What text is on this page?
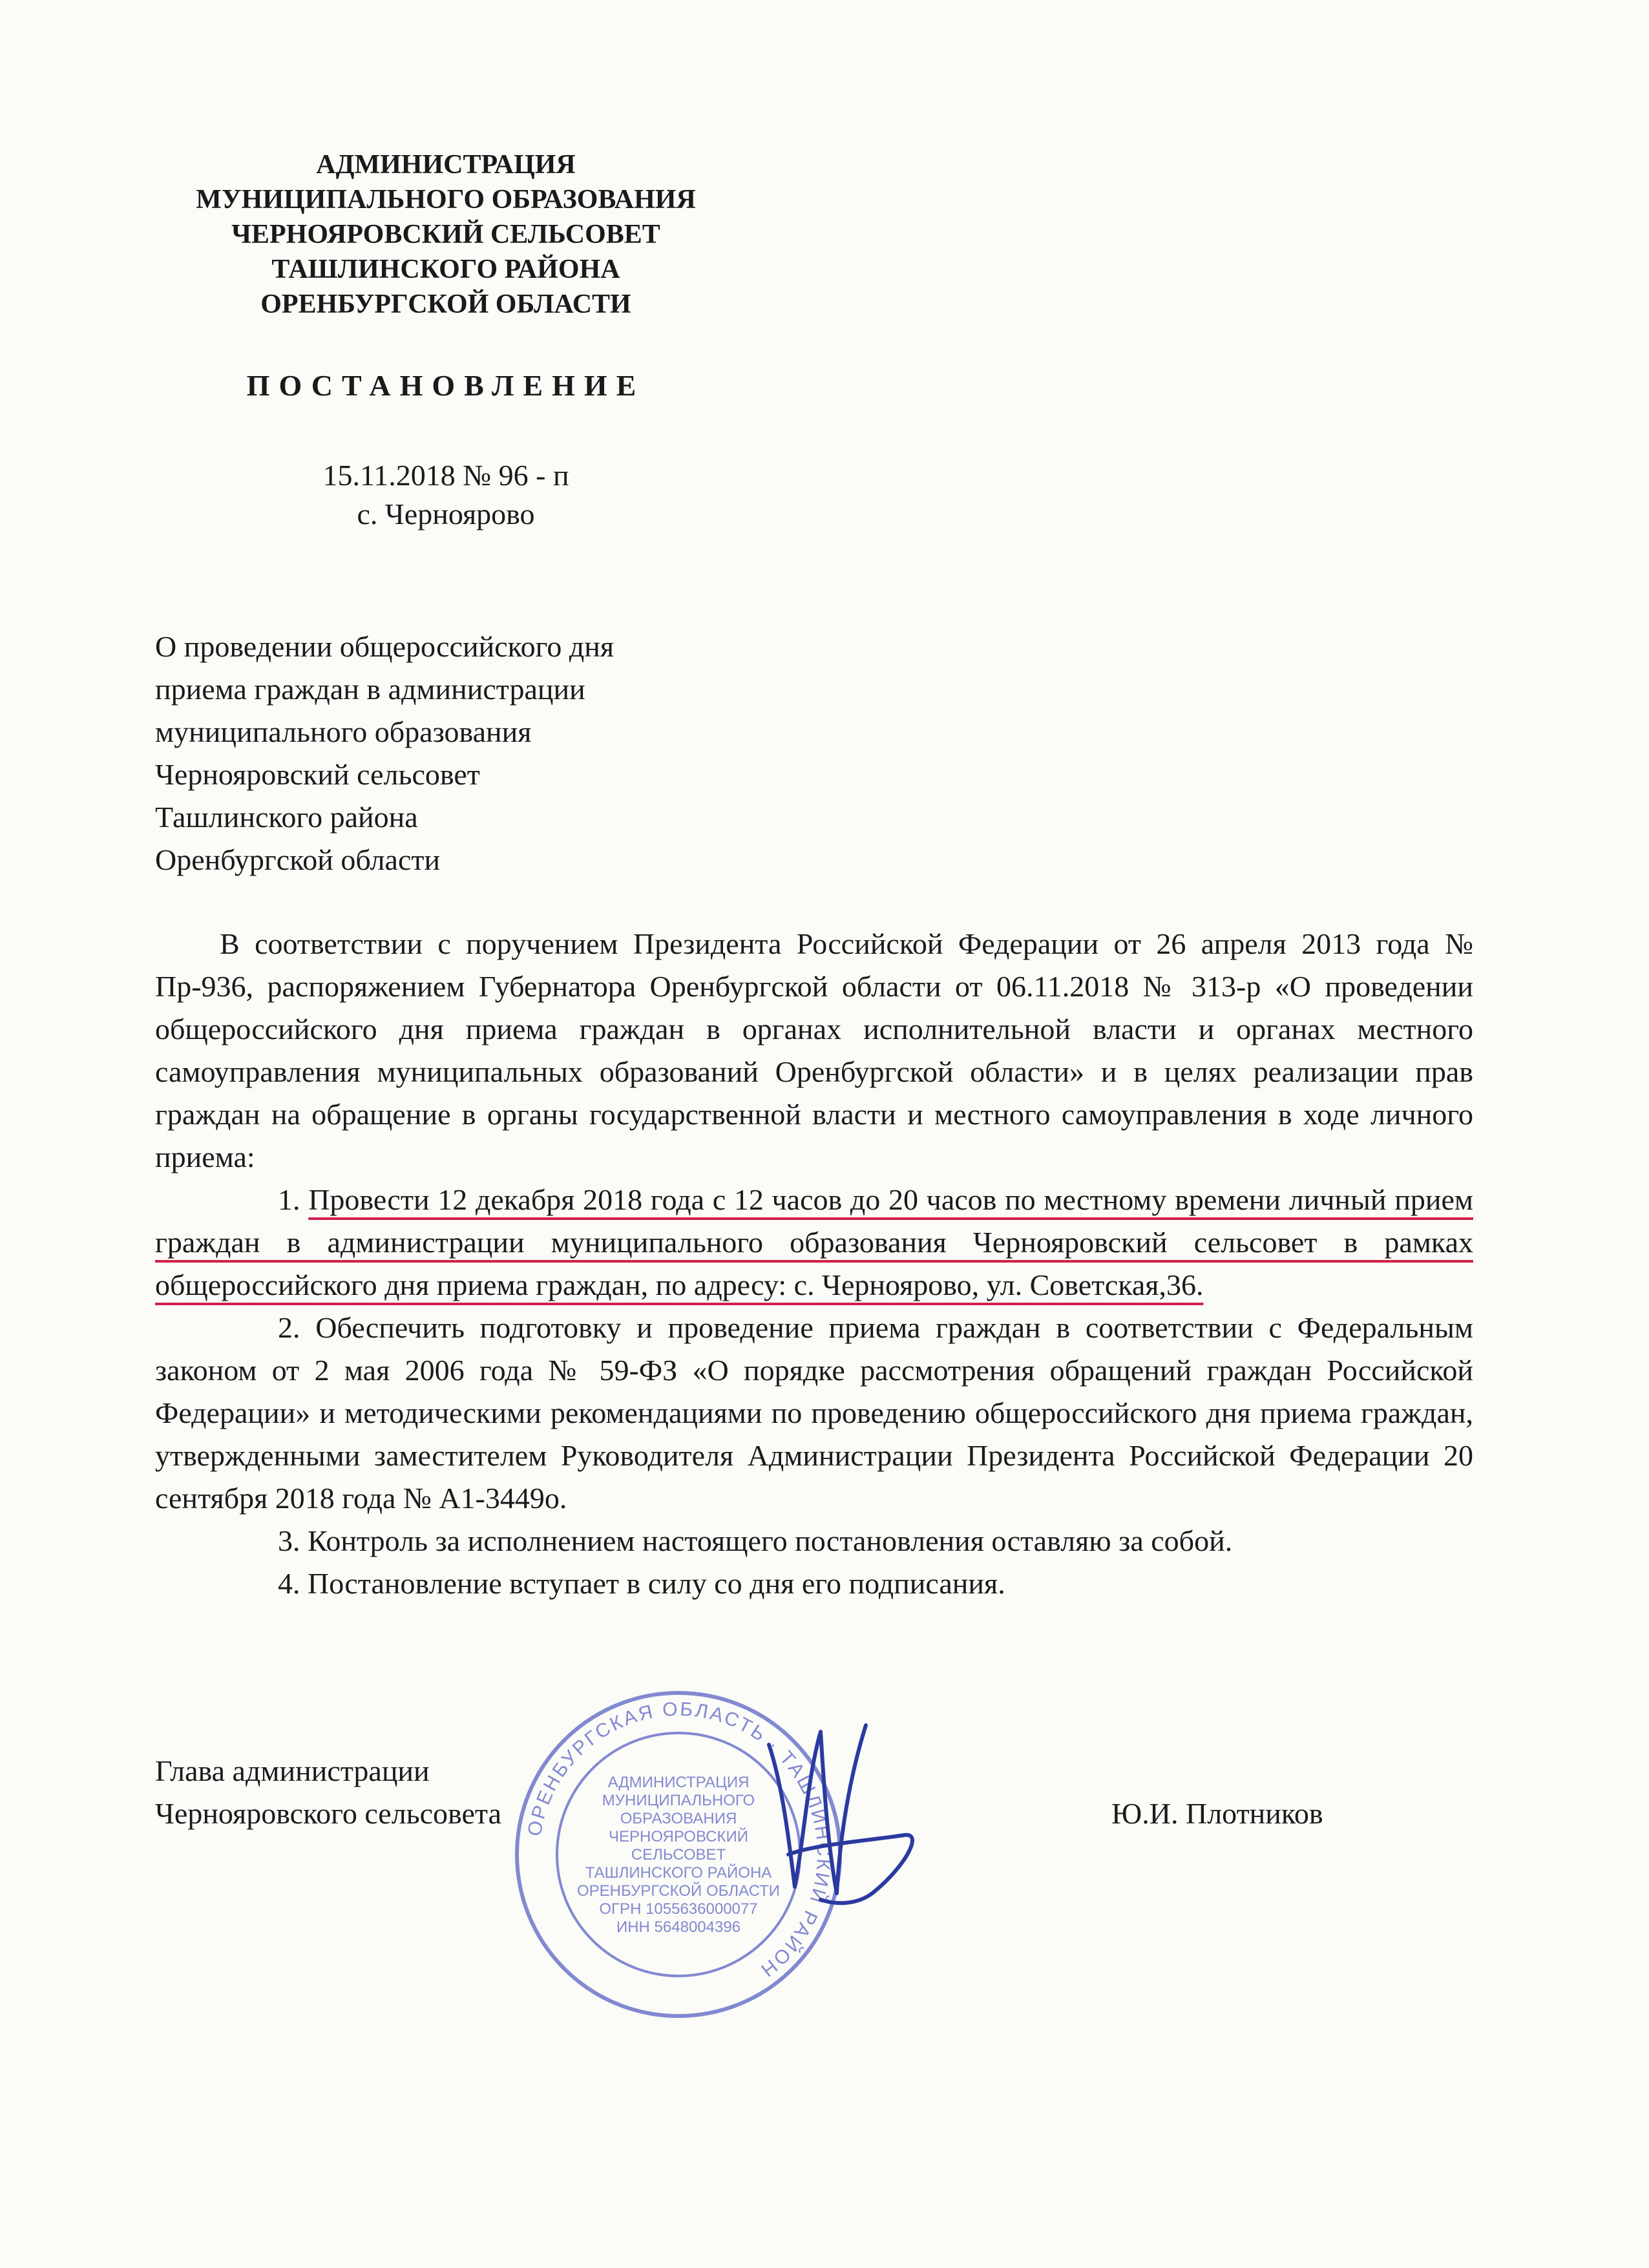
АДМИНИСТРАЦИЯ
МУНИЦИПАЛЬНОГО ОБРАЗОВАНИЯ
ЧЕРНОЯРОВСКИЙ СЕЛЬСОВЕТ
ТАШЛИНСКОГО РАЙОНА
ОРЕНБУРГСКОЙ ОБЛАСТИ
ПОСТАНОВЛЕНИЕ
15.11.2018 № 96 - п
с. Черноярово
О проведении общероссийского дня
приема граждан в администрации
муниципального образования
Чернояровский сельсовет
Ташлинского района
Оренбургской области

В соответствии с поручением Президента Российской Федерации от 26 апреля 2013 года № Пр-936, распоряжением Губернатора Оренбургской области от 06.11.2018 № 313-р «О проведении общероссийского дня приема граждан в органах исполнительной власти и органах местного самоуправления муниципальных образований Оренбургской области» и в целях реализации прав граждан на обращение в органы государственной власти и местного самоуправления в ходе личного приема:

1. Провести 12 декабря 2018 года с 12 часов до 20 часов по местному времени личный прием граждан в администрации муниципального образования Чернояровский сельсовет в рамках общероссийского дня приема граждан, по адресу: с. Черноярово, ул. Советская,36.

2. Обеспечить подготовку и проведение приема граждан в соответствии с Федеральным законом от 2 мая 2006 года № 59-ФЗ «О порядке рассмотрения обращений граждан Российской Федерации» и методическими рекомендациями по проведению общероссийского дня приема граждан, утвержденными заместителем Руководителя Администрации Президента Российской Федерации 20 сентября 2018 года № А1-3449о.

3. Контроль за исполнением настоящего постановления оставляю за собой.

4. Постановление вступает в силу со дня его подписания.

ОРЕНБУРГСКАЯ ОБЛАСТЬ · ТАШЛИНСКИЙ РАЙОН
АДМИНИСТРАЦИЯ
МУНИЦИПАЛЬНОГО
ОБРАЗОВАНИЯ
ЧЕРНОЯРОВСКИЙ
СЕЛЬСОВЕТ
ТАШЛИНСКОГО РАЙОНА
ОРЕНБУРГСКОЙ ОБЛАСТИ
ОГРН 1055636000077
ИНН 5648004396
Глава администрации
Чернояровского сельсовета	Ю.И. Плотников
